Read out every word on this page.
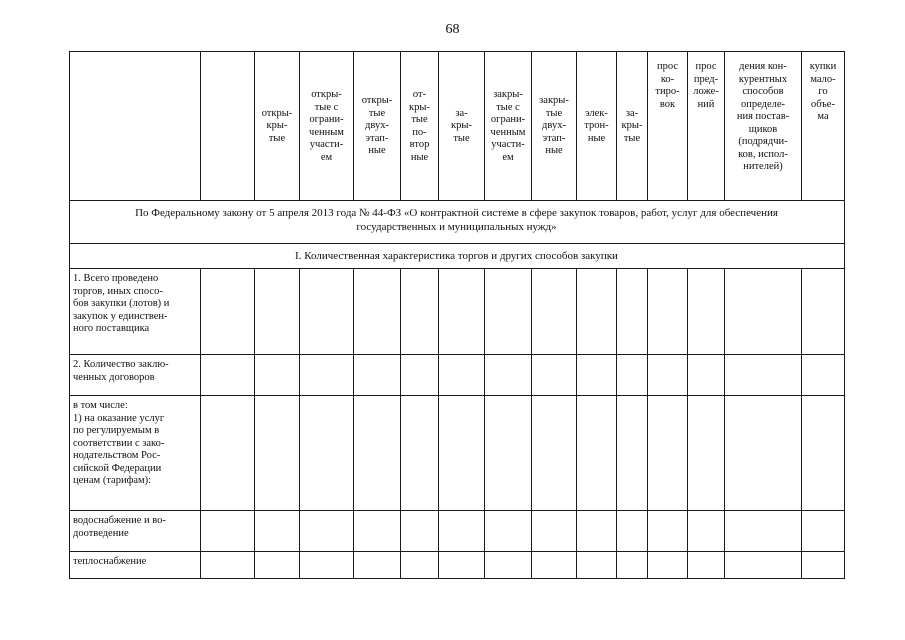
68
откры-
кры-
тые
откры-
тые с
ограни-
ченным
участи-
ем
откры-
тые
двух-
этап-
ные
от-
кры-
тые
по-
втор
ные
за-
кры-
тые
закры-
тые с
ограни-
ченным
участи-
ем
закры-
тые
двух-
этап-
ные
элек-
трон-
ные
за-
кры-
тые
прос
ко-
тиро-
вок
прос
пред-
ложе-
ний
дения кон-
курентных
способов
определе-
ния постав-
щиков
(подрядчи-
ков, испол-
нителей)
купки
мало-
го
объе-
ма
По Федеральному закону от 5 апреля 2013 года № 44-ФЗ «О контрактной системе в сфере закупок товаров, работ, услуг для обеспечения
государственных и муниципальных нужд»
I. Количественная характеристика торгов и других способов закупки
1. Всего проведено
торгов, иных спосо-
бов закупки (лотов) и
закупок у единствен-
ного поставщика
2. Количество заклю-
ченных договоров
в том числе:
1) на оказание услуг
по регулируемым в
соответствии с зако-
нодательством Рос-
сийской Федерации
ценам (тарифам):
водоснабжение и во-
доотведение
теплоснабжение
